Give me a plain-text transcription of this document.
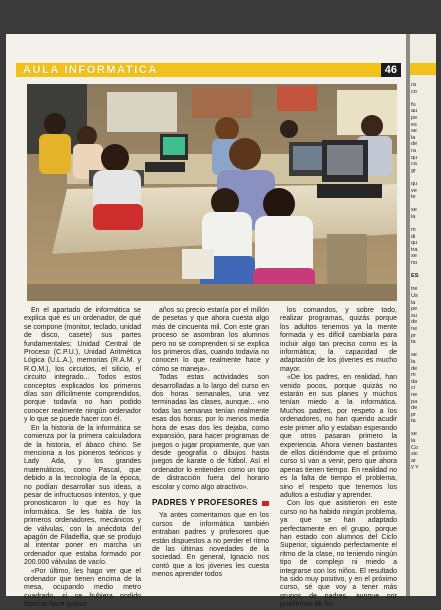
ra
co
fu
au
pe
es
se
la
de
ra
qu
ca
gr
qu
ve
te
se
la
m
di
qu
tra
se
no
ES
tre
Us
la
pe
su
de
ne
pr
ta
se
la
de
m
da
ci
ne
pa
de
pr
ta
se
la
Co
sic
ar
y v
AULA INFORMATICA	46

En el apartado de informática se explica qué es un ordenador, de qué se compone (monitor, teclado, unidad de disco, casete) sus partes fundamentales: Unidad Central de Proceso (C.P.U.), Unidad Aritmética Lógica (U.L.A.), memorias (R.A.M. y R.O.M.), los circuitos, el silicio, el circuito integrado... Todos estos conceptos explicados los primeros días son difícilmente comprendidos, porque todavía no han podido conocer realmente ningún ordenador y lo que se puede hacer con él.

En la historia de la informática se comienza por la primera calculadora de la historia, el ábaco chino. Se menciona a los pioneros teóricos y Lady Ada, y los grandes matemáticos, como Pascal, que debido a la tecnología de la época, no podían desarrollar sus ideas, a pesar de infructuosos intentos, y que pronosticaron lo que es hoy la informática. Se les habla de los primeros ordenadores, mecánicos y de válvulas, con la anécdota del apagón de Filadelfia, que se produjo al intentar poner en marcha un ordenador que estaba formado por 200.000 válvulas de vacío.

«Por último, les hago ver que el ordenador que tienen encima de la mesa, ocupando medio metro cuadrado, si se hubiera podido fabricar hace quince

años su precio estaría por el millón de pesetas y que ahora cuesta algo más de cincuenta mil. Con este gran proceso se asombran los alumnos pero no se comprenden si se explica los primeros días, cuando todavía no conocen lo que realmente hace y cómo se maneja».

Todas estas actividades son desarrolladas a lo largo del curso en dos horas semanales, una vez terminadas las clases, aunque... «no todas las semanas tenían realmente esas dos horas; por lo menos media hora de esas dos les dejaba, como expansión, para hacer programas de juegos o jugar propiamente, que van desde geografía o dibujos hasta juegos de karate o de fútbol. Así el ordenador lo entienden como un tipo de distracción fuera del horario escolar y como algo atractivo».

PADRES Y PROFESORES

Ya antes comentamos que en los cursos de informática también entraban padres y profesores que están dispuestos a no perder el ritmo de las últimas novedades de la sociedad. En general, Ignacio nos contó que a los jóvenes les cuesta menos aprender todos

los comandos, y sobre todo, realizar programas, quizás porque los adultos tenemos ya la mente formada y es difícil cambiarla para incluir algo tan preciso como es la informática; la capacidad de adaptación de los jóvenes es mucho mayor.

«De los padres, en realidad, han venido pocos, porque quizás no estarán en sus planes y muchos tenían miedo a la informática. Muchos padres, por respeto a los ordenadores, no han querido acudir este primer año y estaban esperando que otros pasaran primero la experiencia. Ahora vienen bastantes de ellos diciéndome que el próximo curso sí van a venir, pero que ahora apenas tienen tiempo. En realidad no es la falta de tiempo el problema, sino el respeto que tenemos los adultos a estudiar y aprender.

Con los que asistieron en este curso no ha habido ningún problema, ya que se han adaptado perfectamente en el grupo, porque han estado con alumnos del Ciclo Superior, siguiendo perfectamente el ritmo de la clase, no teniendo ningún tipo de complejo ni miedo a integrarse con los niños. El resultado ha sido muy positivo, y en el próximo curso, sé que voy a tener más grupos de padres, aunque por problemas de ho-
